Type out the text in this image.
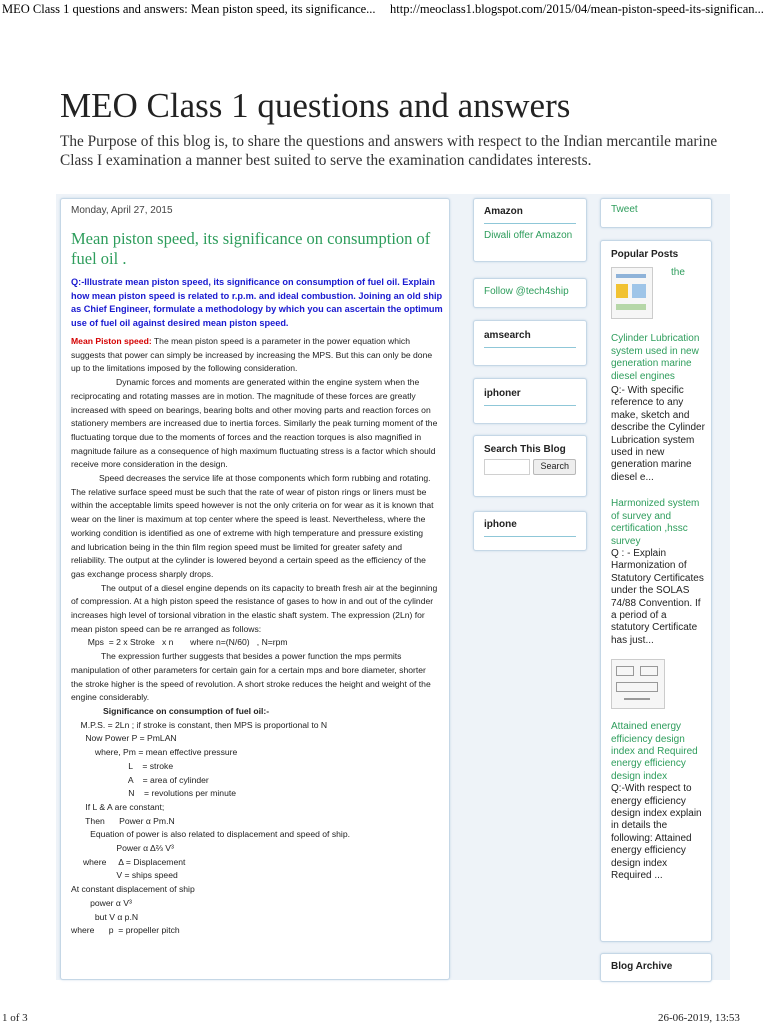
MEO Class 1 questions and answers: Mean piston speed, its significance... http://meoclass1.blogspot.com/2015/04/mean-piston-speed-its-significan...
MEO Class 1 questions and answers
The Purpose of this blog is, to share the questions and answers with respect to the Indian mercantile marine Class I examination a manner best suited to serve the examination candidates interests.
Monday, April 27, 2015
Mean piston speed, its significance on consumption of fuel oil .
Q:-Illustrate mean piston speed, its significance on consumption of fuel oil. Explain how mean piston speed is related to r.p.m. and ideal combustion. Joining an old ship as Chief Engineer, formulate a methodology by which you can ascertain the optimum use of fuel oil against desired mean piston speed.

Mean Piston speed: The mean piston speed is a parameter in the power equation which suggests that power can simply be increased by increasing the MPS. But this can only be done up to the limitations imposed by the following consideration.

Dynamic forces and moments are generated within the engine system when the reciprocating and rotating masses are in motion. The magnitude of these forces are greatly increased with speed on bearings, bearing bolts and other moving parts and reaction forces on stationery members are increased due to inertia forces. Similarly the peak turning moment of the fluctuating torque due to the moments of forces and the reaction torques is also magnified in magnitude failure as a consequence of high maximum fluctuating stress is a factor which should receive more consideration in the design.

Speed decreases the service life at those components which form rubbing and rotating. The relative surface speed must be such that the rate of wear of piston rings or liners must be within the acceptable limits speed however is not the only criteria on for wear as it is known that wear on the liner is maximum at top center where the speed is least. Nevertheless, where the working condition is identified as one of extreme with high temperature and pressure existing and lubrication being in the thin film region speed must be limited for greater safety and reliability. The output at the cylinder is lowered beyond a certain speed as the efficiency of the gas exchange process sharply drops.

The output of a diesel engine depends on its capacity to breath fresh air at the beginning of compression. At a high piston speed the resistance of gases to how in and out of the cylinder increases high level of torsional vibration in the elastic shaft system. The expression (2Ln) for mean piston speed can be re arranged as follows:

Mps  = 2 x Stroke   x n       where n=(N/60)   , N=rpm

The expression further suggests that besides a power function the mps permits manipulation of other parameters for certain gain for a certain mps and bore diameter, shorter the stroke higher is the speed of revolution. A short stroke reduces the height and weight of the engine considerably.

Significance on consumption of fuel oil:-

M.P.S. = 2Ln ; if stroke is constant, then MPS is proportional to N

Now Power P = PmLAN

where, Pm = mean effective pressure

L    = stroke

A    = area of cylinder

N    = revolutions per minute

If L & A are constant;

Then      Power α Pm.N

Equation of power is also related to displacement and speed of ship.

Power α Δ⅔ V³

where     Δ = Displacement

V = ships speed

At constant displacement of ship

power α V³

but V α p.N

where      p  = propeller pitch

Amazon
Diwali offer Amazon
Follow @tech4ship
amsearch
iphoner
Search This Blog
Search
iphone
Tweet
Popular Posts
the
Cylinder Lubrication system used in new generation marine diesel engines
Q:- With specific reference to any make, sketch and describe the Cylinder Lubrication system used in new generation marine diesel e...
Harmonized system of survey and certification ,hssc survey
Q : - Explain Harmonization of Statutory Certificates under the SOLAS 74/88 Convention. If a period of a statutory Certificate has just...
Attained energy efficiency design index and Required energy efficiency design index
Q:-With respect to energy efficiency design index explain in details the following: Attained energy efficiency design index Required ...
Blog Archive
1 of 3	26-06-2019, 13:53
